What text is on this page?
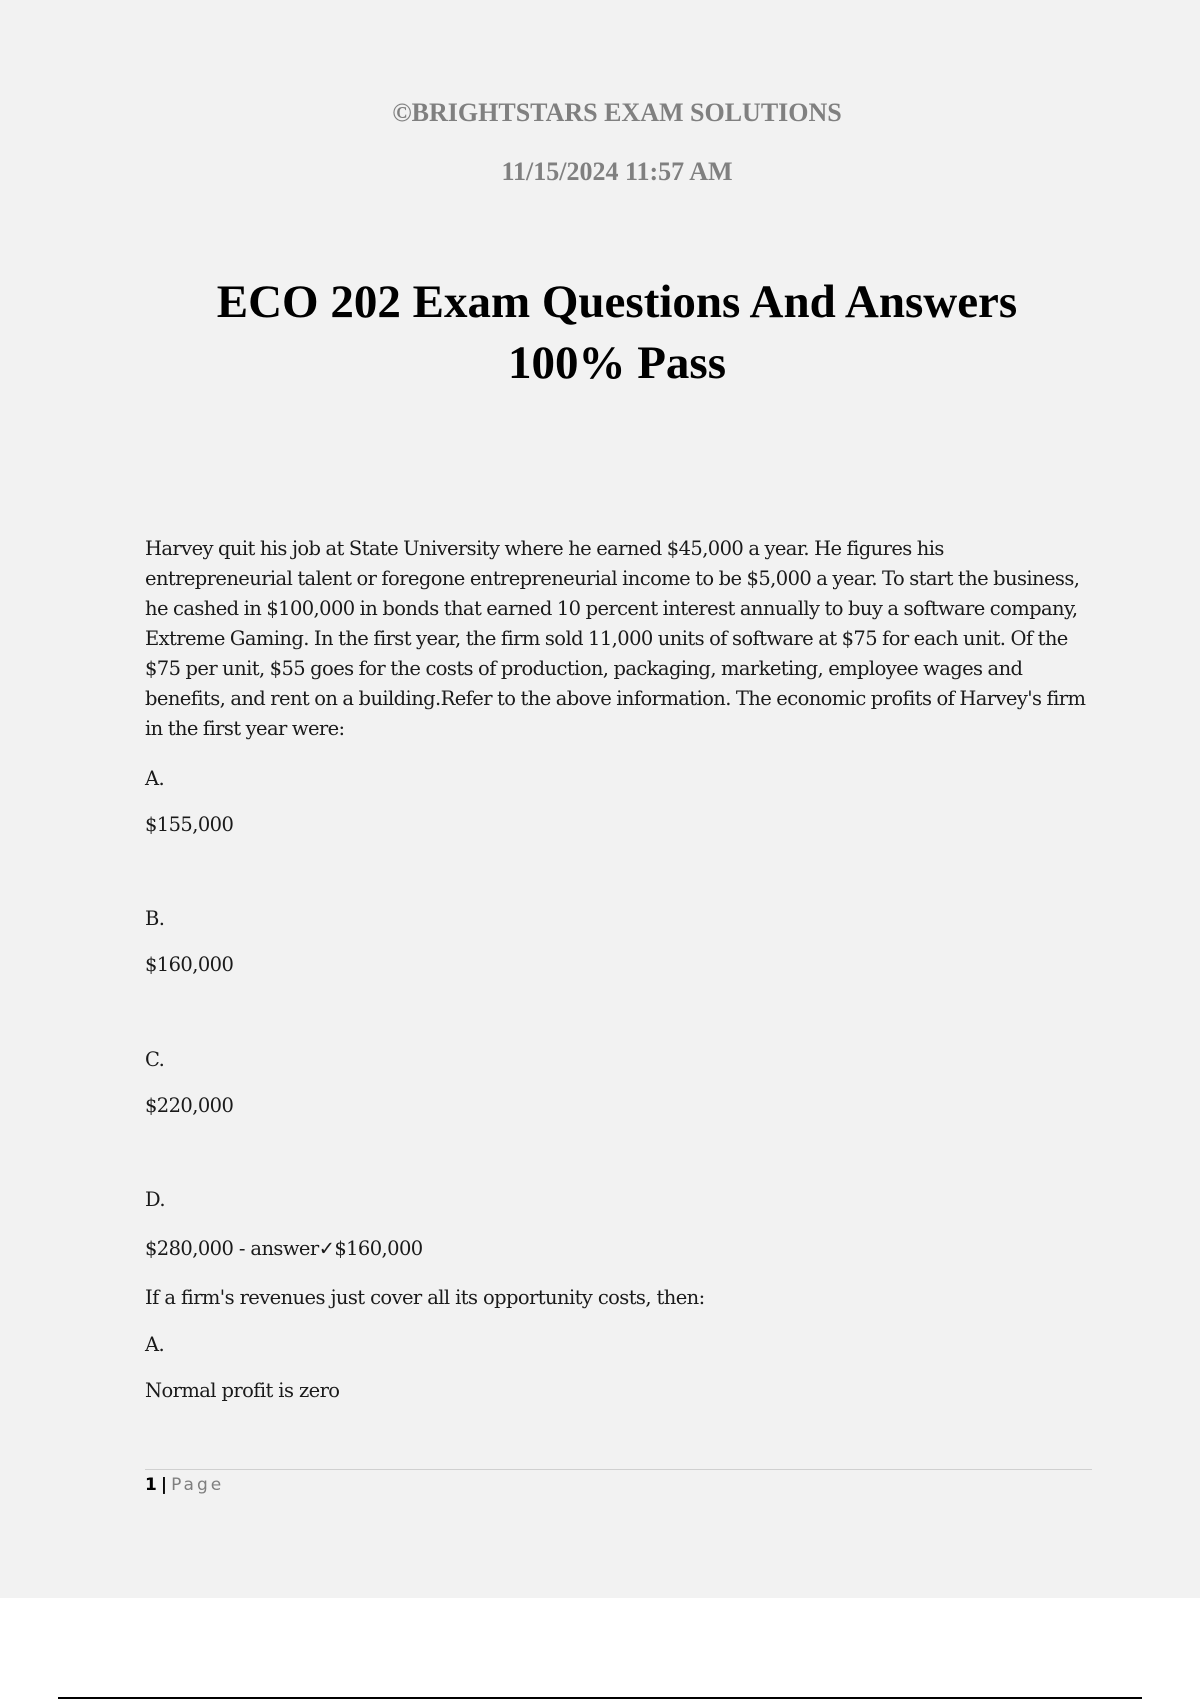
©BRIGHTSTARS EXAM SOLUTIONS
11/15/2024 11:57 AM
ECO 202 Exam Questions And Answers
100% Pass

Harvey quit his job at State University where he earned $45,000 a year. He figures his entrepreneurial talent or foregone entrepreneurial income to be $5,000 a year. To start the business, he cashed in $100,000 in bonds that earned 10 percent interest annually to buy a software company, Extreme Gaming. In the first year, the firm sold 11,000 units of software at $75 for each unit. Of the $75 per unit, $55 goes for the costs of production, packaging, marketing, employee wages and benefits, and rent on a building.Refer to the above information. The economic profits of Harvey's firm in the first year were:

A.
$155,000
B.
$160,000
C.
$220,000
D.
$280,000 - answer✓$160,000
If a firm's revenues just cover all its opportunity costs, then:
A.
Normal profit is zero
1 | Page
